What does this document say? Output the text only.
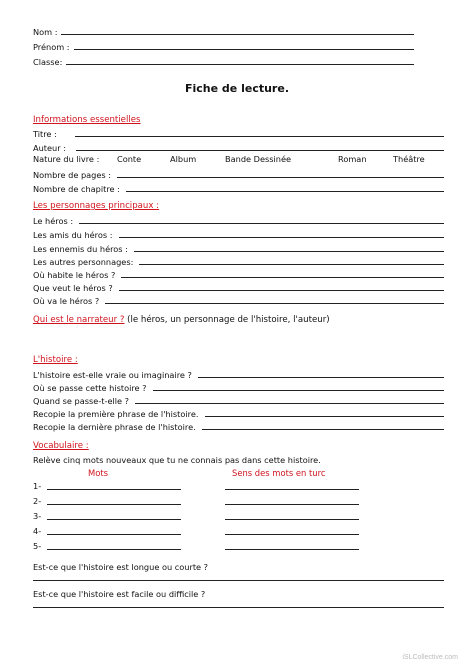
Nom :
Prénom :
Classe:
Fiche de lecture.
Informations essentielles
Titre :
Auteur :
Nature du livre : Conte	Album	Bande Dessinée	Roman	Théâtre
Nombre de pages :
Nombre de chapitre :
Les personnages principaux :
Le héros :
Les amis du héros :
Les ennemis du héros :
Les autres personnages:
Où habite le héros ?
Que veut le héros ?
Où va le héros ?
Qui est le narrateur ? (le héros, un personnage de l'histoire, l'auteur)
L'histoire :
L'histoire est-elle vraie ou imaginaire ?
Où se passe cette histoire ?
Quand se passe-t-elle ?
Recopie la première phrase de l'histoire.
Recopie la dernière phrase de l'histoire.
Vocabulaire :
Relève cinq mots nouveaux que tu ne connais pas dans cette histoire.
Mots	Sens des mots en turc
1-
2-
3-
4-
5-
Est-ce que l'histoire est longue ou courte ?
Est-ce que l'histoire est facile ou difficile ?
iSLCollective.com
